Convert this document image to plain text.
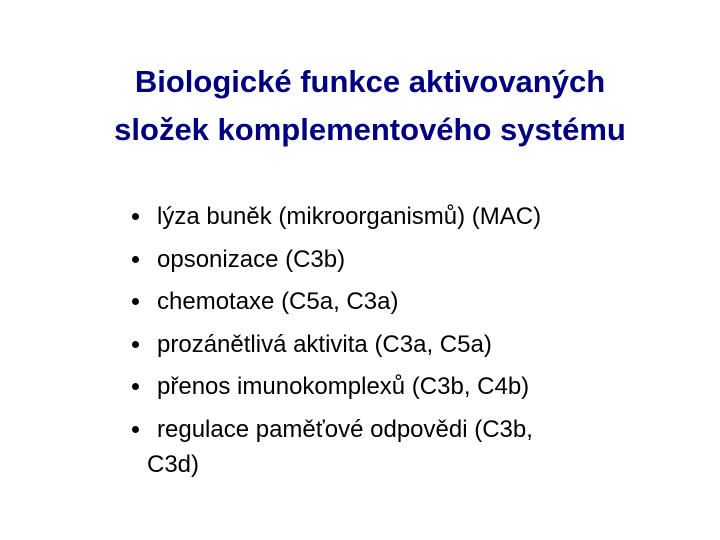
Biologické funkce aktivovaných
složek komplementového systému
lýza buněk (mikroorganismů) (MAC)
opsonizace (C3b)
chemotaxe (C5a, C3a)
prozánětlivá aktivita (C3a, C5a)
přenos imunokomplexů (C3b, C4b)
regulace paměťové odpovědi (C3b,
C3d)
